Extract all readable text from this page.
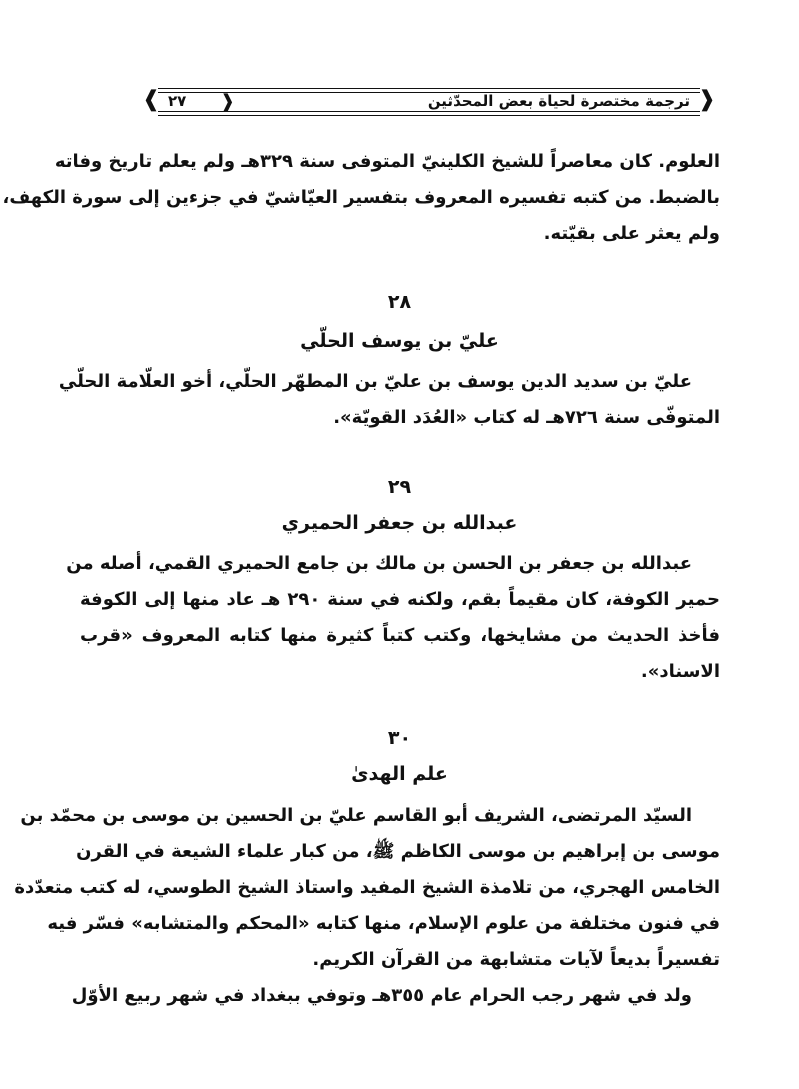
❰
❱	❰	ترجمة مختصرة لحياة بعض المحدّثين
٢٧
العلوم. كان معاصراً للشيخ الكلينيّ المتوفى سنة ٣٢٩هـ ولم يعلم تاريخ وفاته
بالضبط. من كتبه تفسيره المعروف بتفسير العيّاشيّ في جزءين إلى سورة الكهف،
ولم يعثر على بقيّته.
٢٨
عليّ بن يوسف الحلّي
عليّ بن سديد الدين يوسف بن عليّ بن المطهّر الحلّي، أخو العلّامة الحلّي
المتوفّى سنة ٧٢٦هـ له كتاب «العُدَد القويّة».
٢٩
عبدالله بن جعفر الحميري
عبدالله بن جعفر بن الحسن بن مالك بن جامع الحميري القمي، أصله من
حمير الكوفة، كان مقيماً بقم، ولكنه في سنة ٢٩٠ هـ عاد منها إلى الكوفة
فأخذ الحديث من مشايخها، وكتب كتباً كثيرة منها كتابه المعروف «قرب
الاسناد».
٣٠
علم الهدىٰ
السيّد المرتضى، الشريف أبو القاسم عليّ بن الحسين بن موسى بن محمّد بن
موسى بن إبراهيم بن موسى الكاظم ﷺ، من كبار علماء الشيعة في القرن
الخامس الهجري، من تلامذة الشيخ المفيد واستاذ الشيخ الطوسي، له كتب متعدّدة
في فنون مختلفة من علوم الإسلام، منها كتابه «المحكم والمتشابه» فسّر فيه
تفسيراً بديعاً لآيات متشابهة من القرآن الكريم.
ولد في شهر رجب الحرام عام ٣٥٥هـ وتوفي ببغداد في شهر ربيع الأوّل
